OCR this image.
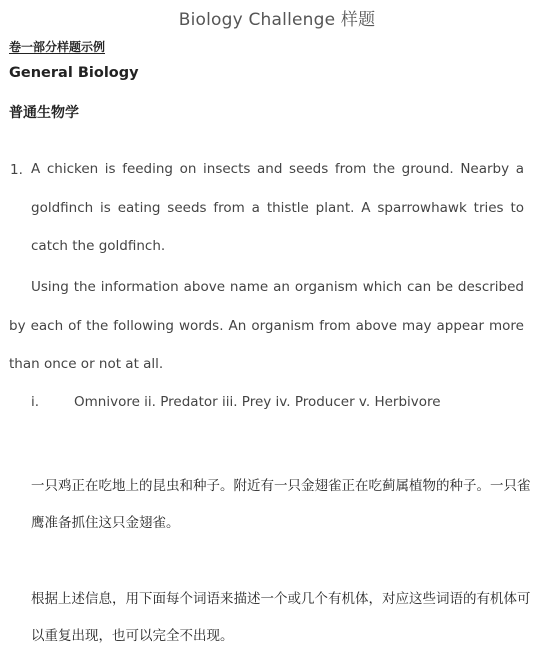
Biology Challenge 样题
卷一部分样题示例
General Biology
普通生物学
1. A chicken is feeding on insects and seeds from the ground. Nearby a goldfinch is eating seeds from a thistle plant. A sparrowhawk tries to catch the goldfinch.
Using the information above name an organism which can be described by each of the following words. An organism from above may appear more than once or not at all.
i.	Omnivore ii. Predator iii. Prey iv. Producer v. Herbivore
一只鸡正在吃地上的昆虫和种子。附近有一只金翅雀正在吃蓟属植物的种子。一只雀鹰准备抓住这只金翅雀。
根据上述信息，用下面每个词语来描述一个或几个有机体，对应这些词语的有机体可以重复出现，也可以完全不出现。
